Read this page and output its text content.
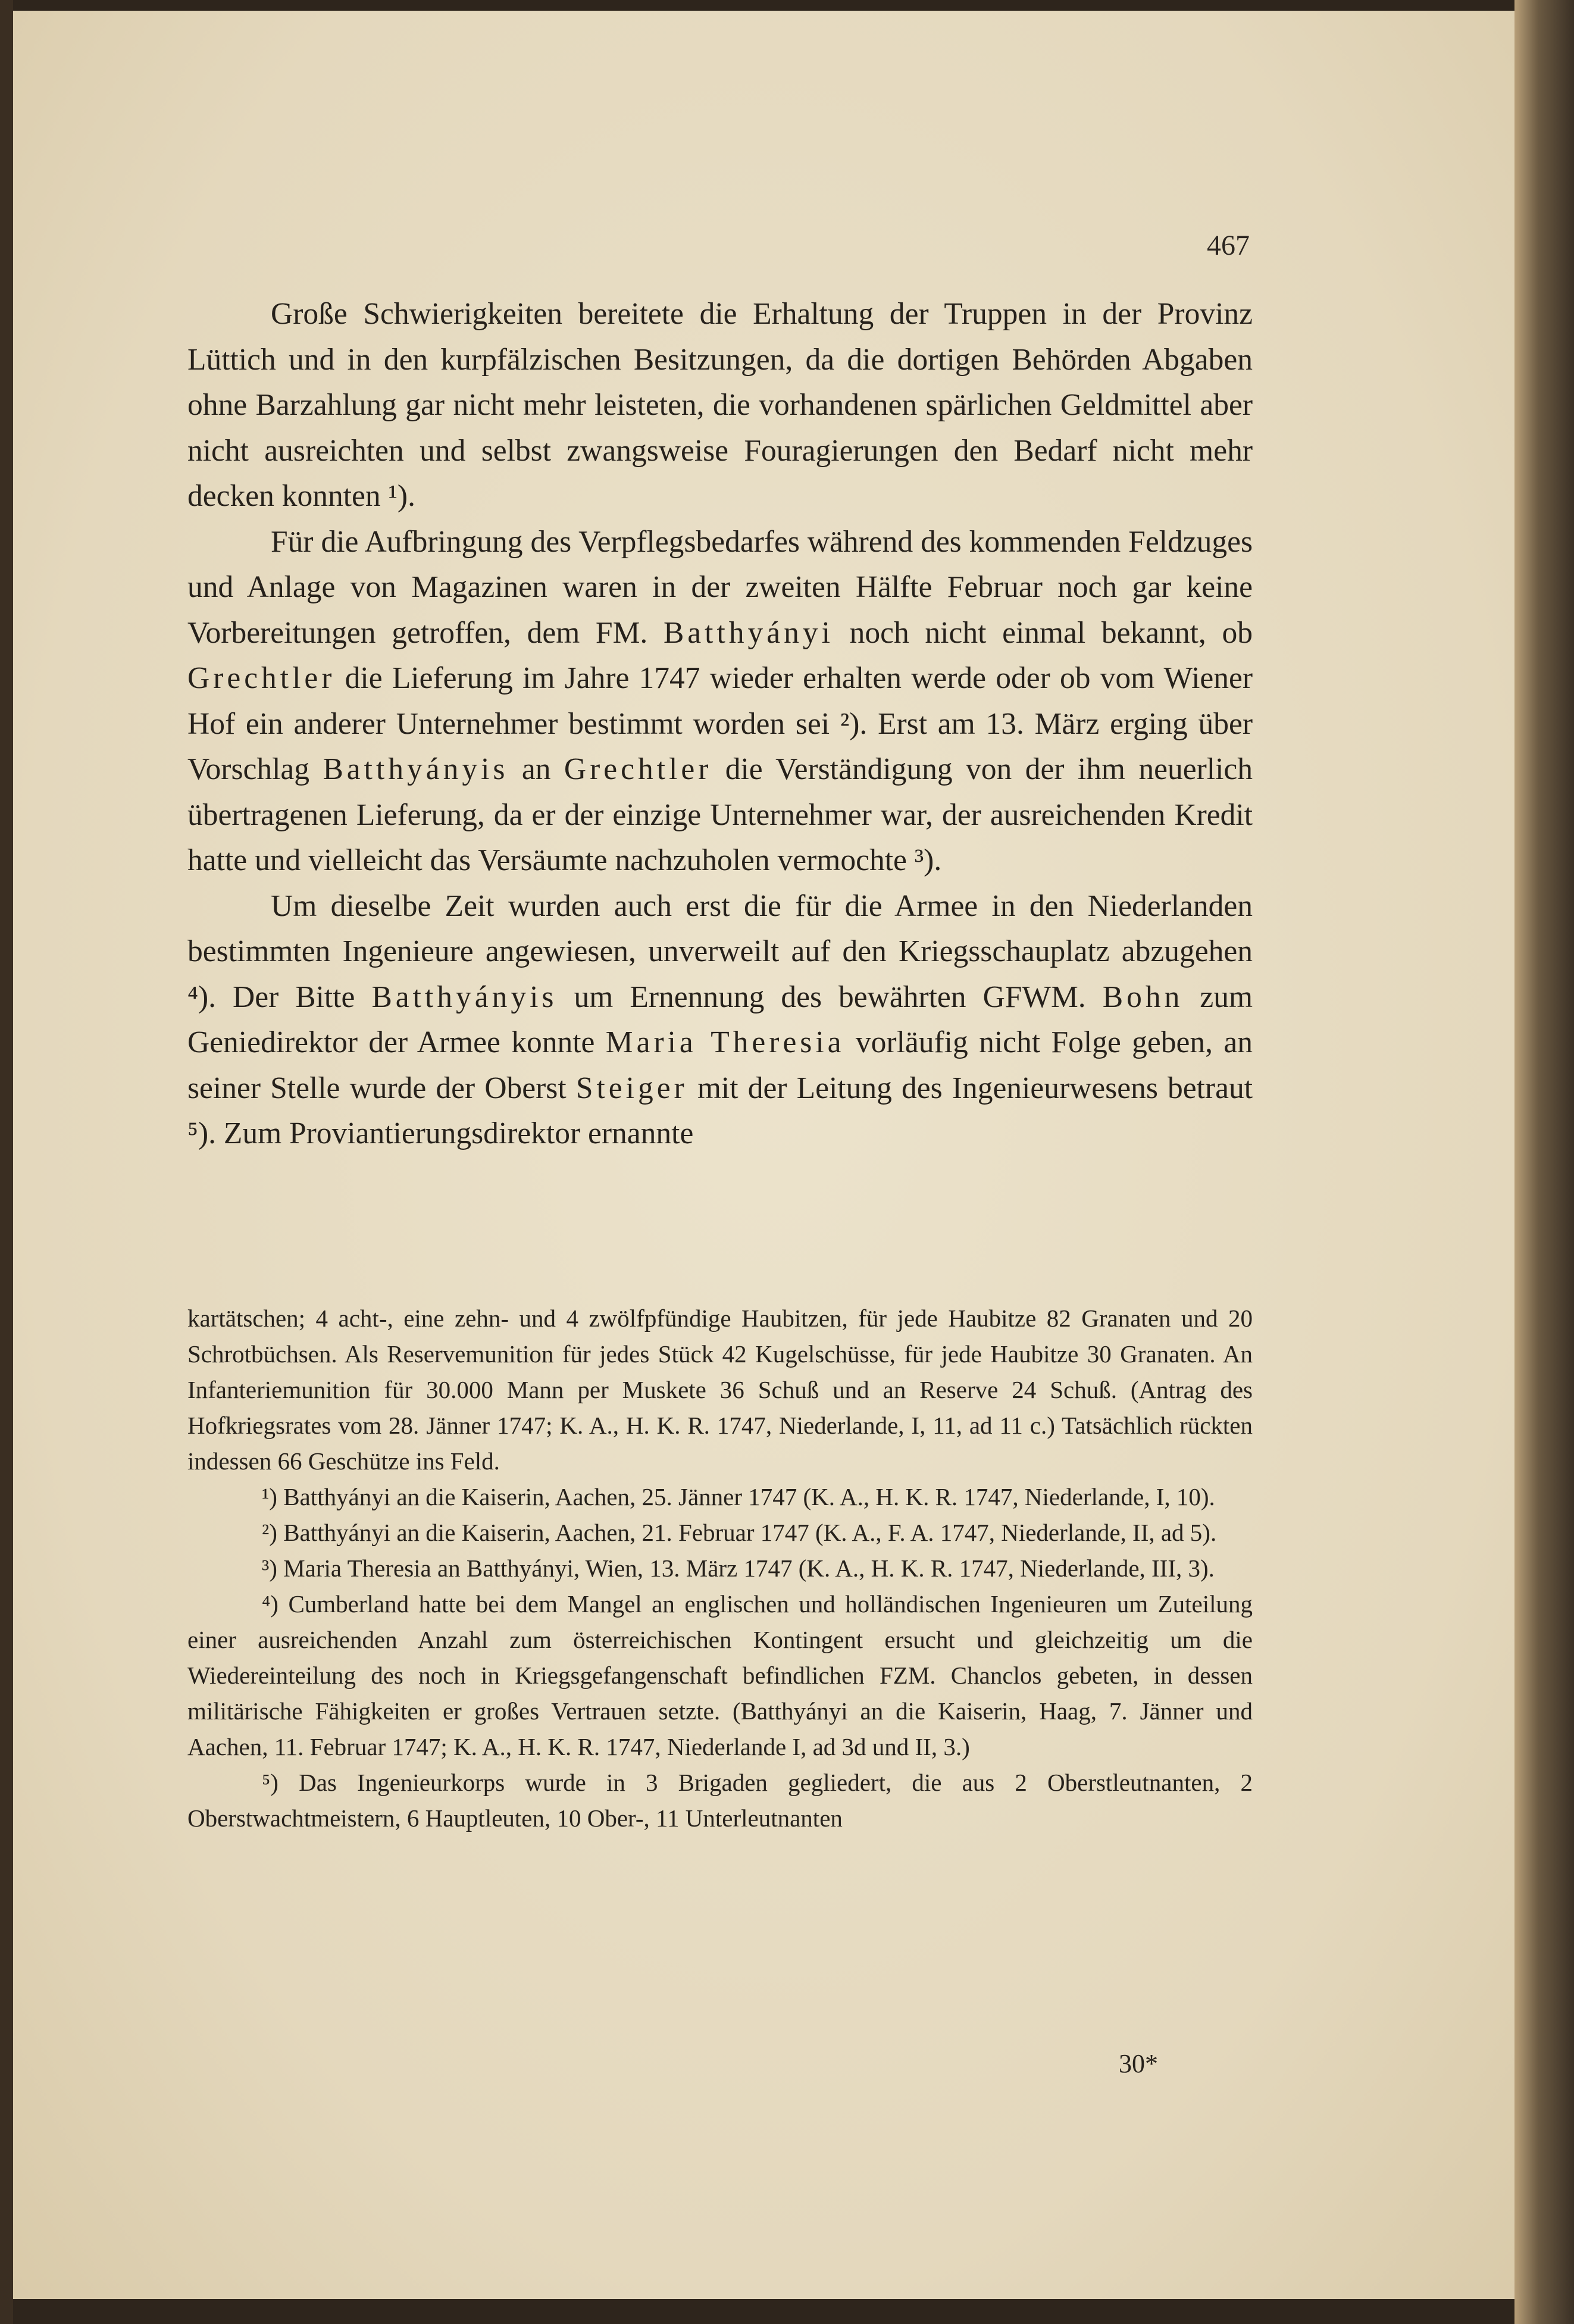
467

Große Schwierigkeiten bereitete die Erhaltung der Truppen in der Provinz Lüttich und in den kurpfälzischen Besitzungen, da die dortigen Behörden Abgaben ohne Barzahlung gar nicht mehr leisteten, die vorhandenen spärlichen Geldmittel aber nicht ausreichten und selbst zwangsweise Fouragierungen den Bedarf nicht mehr decken konnten ¹).

Für die Aufbringung des Verpflegsbedarfes während des kommenden Feldzuges und Anlage von Magazinen waren in der zweiten Hälfte Februar noch gar keine Vorbereitungen getroffen, dem FM. Batthyányi noch nicht einmal bekannt, ob Grechtler die Lieferung im Jahre 1747 wieder erhalten werde oder ob vom Wiener Hof ein anderer Unternehmer bestimmt worden sei ²). Erst am 13. März erging über Vorschlag Batthyányis an Grechtler die Verständigung von der ihm neuerlich übertragenen Lieferung, da er der einzige Unternehmer war, der ausreichenden Kredit hatte und vielleicht das Versäumte nachzuholen vermochte ³).

Um dieselbe Zeit wurden auch erst die für die Armee in den Niederlanden bestimmten Ingenieure angewiesen, unverweilt auf den Kriegsschauplatz abzugehen ⁴). Der Bitte Batthyányis um Ernennung des bewährten GFWM. Bohn zum Geniedirektor der Armee konnte Maria Theresia vorläufig nicht Folge geben, an seiner Stelle wurde der Oberst Steiger mit der Leitung des Ingenieurwesens betraut ⁵). Zum Proviantierungsdirektor ernannte

kartätschen; 4 acht-, eine zehn- und 4 zwölfpfündige Haubitzen, für jede Haubitze 82 Granaten und 20 Schrotbüchsen. Als Reservemunition für jedes Stück 42 Kugelschüsse, für jede Haubitze 30 Granaten. An Infanteriemunition für 30.000 Mann per Muskete 36 Schuß und an Reserve 24 Schuß. (Antrag des Hofkriegsrates vom 28. Jänner 1747; K. A., H. K. R. 1747, Niederlande, I, 11, ad 11 c.) Tatsächlich rückten indessen 66 Geschütze ins Feld.

¹) Batthyányi an die Kaiserin, Aachen, 25. Jänner 1747 (K. A., H. K. R. 1747, Niederlande, I, 10).

²) Batthyányi an die Kaiserin, Aachen, 21. Februar 1747 (K. A., F. A. 1747, Niederlande, II, ad 5).

³) Maria Theresia an Batthyányi, Wien, 13. März 1747 (K. A., H. K. R. 1747, Niederlande, III, 3).

⁴) Cumberland hatte bei dem Mangel an englischen und holländischen Ingenieuren um Zuteilung einer ausreichenden Anzahl zum österreichischen Kontingent ersucht und gleichzeitig um die Wiedereinteilung des noch in Kriegsgefangenschaft befindlichen FZM. Chanclos gebeten, in dessen militärische Fähigkeiten er großes Vertrauen setzte. (Batthyányi an die Kaiserin, Haag, 7. Jänner und Aachen, 11. Februar 1747; K. A., H. K. R. 1747, Niederlande I, ad 3d und II, 3.)

⁵) Das Ingenieurkorps wurde in 3 Brigaden gegliedert, die aus 2 Oberstleutnanten, 2 Oberstwachtmeistern, 6 Hauptleuten, 10 Ober-, 11 Unterleutnanten

30*
